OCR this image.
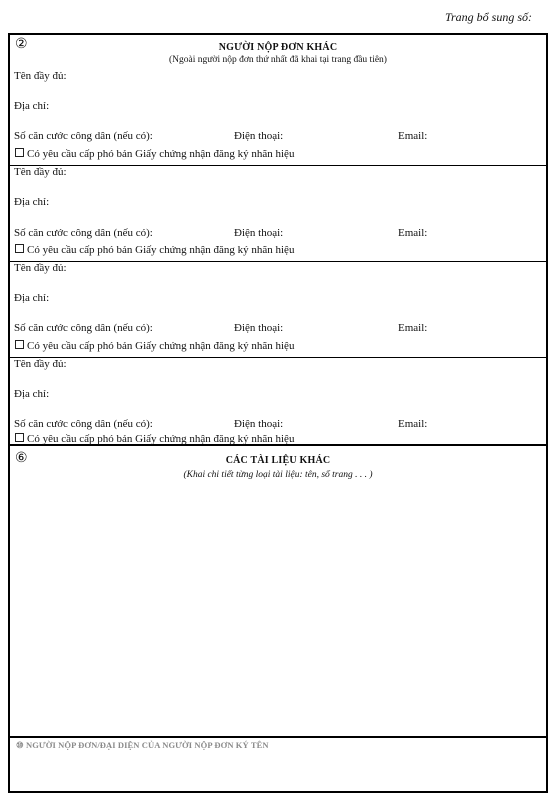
Trang bổ sung số:
②	NGƯỜI NỘP ĐƠN KHÁC
(Ngoài người nộp đơn thứ nhất đã khai tại trang đầu tiên)
Tên đầy đủ:
Địa chỉ:
Số căn cước công dân (nếu có):	Điện thoại:	Email:
Có yêu cầu cấp phó bản Giấy chứng nhận đăng ký nhãn hiệu
Tên đầy đủ:
Địa chỉ:
Số căn cước công dân (nếu có):	Điện thoại:	Email:
Có yêu cầu cấp phó bản Giấy chứng nhận đăng ký nhãn hiệu
Tên đầy đủ:
Địa chỉ:
Số căn cước công dân (nếu có):	Điện thoại:	Email:
Có yêu cầu cấp phó bản Giấy chứng nhận đăng ký nhãn hiệu
Tên đầy đủ:
Địa chỉ:
Số căn cước công dân (nếu có):	Điện thoại:	Email:
Có yêu cầu cấp phó bản Giấy chứng nhận đăng ký nhãn hiệu
⑥	CÁC TÀI LIỆU KHÁC
(Khai chi tiết từng loại tài liệu: tên, số trang . . . )
⑩ NGƯỜI NỘP ĐƠN/ĐẠI DIỆN CỦA NGƯỜI NỘP ĐƠN KÝ TÊN
